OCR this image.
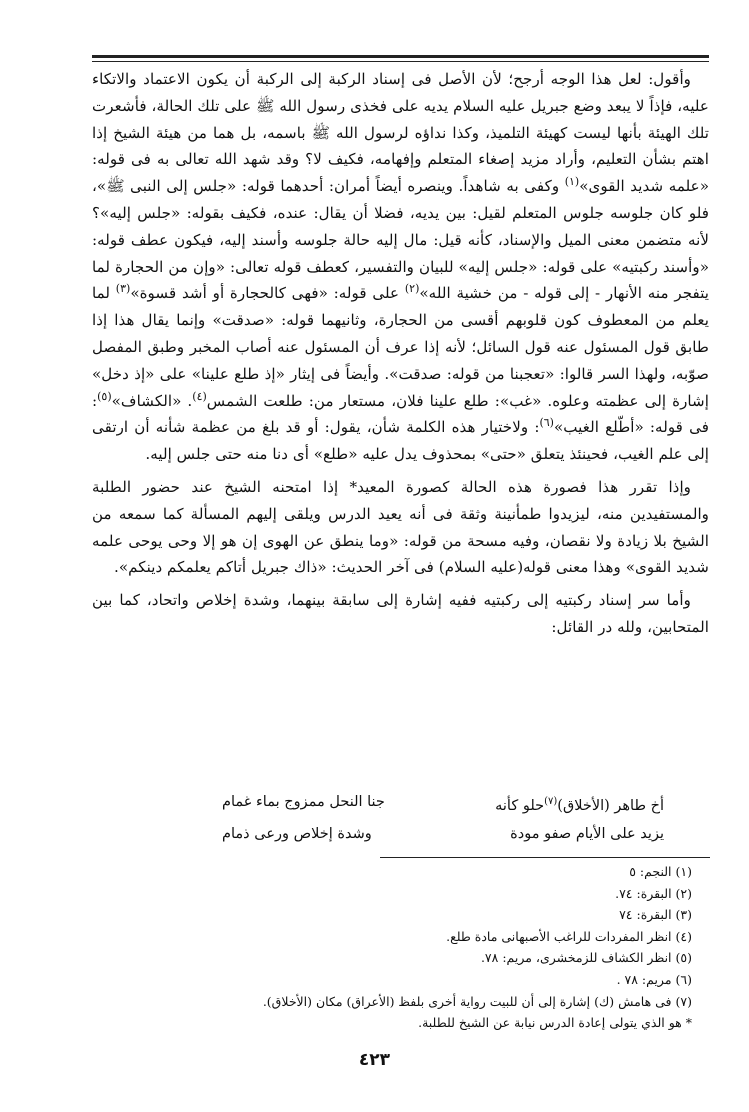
وأقول: لعل هذا الوجه أرجح؛ لأن الأصل فى إسناد الركبة إلى الركبة أن يكون الاعتماد والاتكاء عليه، فإذاً لا يبعد وضع جبريل عليه السلام يديه على فخذى رسول الله ﷺ على تلك الحالة، فأشعرت تلك الهيئة بأنها ليست كهيئة التلميذ، وكذا نداؤه لرسول الله ﷺ باسمه، بل هما من هيئة الشيخ إذا اهتم بشأن التعليم، وأراد مزيد إصغاء المتعلم وإفهامه، فكيف لا؟ وقد شهد الله تعالى به فى قوله: «علمه شديد القوى»$^{(١)}$ وكفى به شاهداً. وينصره أيضاً أمران: أحدهما قوله: «جلس إلى النبى ﷺ»، فلو كان جلوسه جلوس المتعلم لقيل: بين يديه، فضلا أن يقال: عنده، فكيف بقوله: «جلس إليه»؟ لأنه متضمن معنى الميل والإسناد، كأنه قيل: مال إليه حالة جلوسه وأسند إليه، فيكون عطف قوله: «وأسند ركبتيه» على قوله: «جلس إليه» للبيان والتفسير، كعطف قوله تعالى: «وإن من الحجارة لما يتفجر منه الأنهار - إلى قوله - من خشية الله»$^{(٢)}$ على قوله: «فهى كالحجارة أو أشد قسوة»$^{(٣)}$ لما يعلم من المعطوف كون قلوبهم أقسى من الحجارة، وثانيهما قوله: «صدقت» وإنما يقال هذا إذا طابق قول المسئول عنه قول السائل؛ لأنه إذا عرف أن المسئول عنه أصاب المخبر وطبق المفصل صوّبه، ولهذا السر قالوا: «تعجبنا من قوله: صدقت». وأيضاً فى إيثار «إذ طلع علينا» على «إذ دخل» إشارة إلى عظمته وعلوه. «غب»: طلع علينا فلان، مستعار من: طلعت الشمس$^{(٤)}$. «الكشاف»$^{(٥)}$: فى قوله: «أطّلع الغيب»$^{(٦)}$: ولاختيار هذه الكلمة شأن، يقول: أو قد بلغ من عظمة شأنه أن ارتقى إلى علم الغيب، فحينئذ يتعلق «حتى» بمحذوف يدل عليه «طلع» أى دنا منه حتى جلس إليه.

وإذا تقرر هذا فصورة هذه الحالة كصورة المعيد* إذا امتحنه الشيخ عند حضور الطلبة والمستفيدين منه، ليزيدوا طمأنينة وثقة فى أنه يعيد الدرس ويلقى إليهم المسألة كما سمعه من الشيخ بلا زيادة ولا نقصان، وفيه مسحة من قوله: «وما ينطق عن الهوى إن هو إلا وحى يوحى علمه شديد القوى» وهذا معنى قوله(عليه السلام) فى آخر الحديث: «ذاك جبريل أتاكم يعلمكم دينكم».

وأما سر إسناد ركبتيه إلى ركبتيه ففيه إشارة إلى سابقة بينهما، وشدة إخلاص واتحاد، كما بين المتحابين، ولله در القائل:

أخ طاهر (الأخلاق)$^{(٧)}$حلو كأنه
جنا النحل ممزوج بماء غمام
يزيد على الأيام صفو مودة
وشدة إخلاص ورعى ذمام
(١) النجم: ٥
(٢) البقرة: ٧٤.
(٣) البقرة: ٧٤
(٤) انظر المفردات للراغب الأصبهانى مادة طلع.
(٥) انظر الكشاف للزمخشرى، مريم: ٧٨.
(٦) مريم: ٧٨ .
(٧) فى هامش (ك) إشارة إلى أن للبيت رواية أخرى بلفظ (الأعراق) مكان (الأخلاق).
* هو الذي يتولى إعادة الدرس نيابة عن الشيخ للطلبة.
٤٢٣
